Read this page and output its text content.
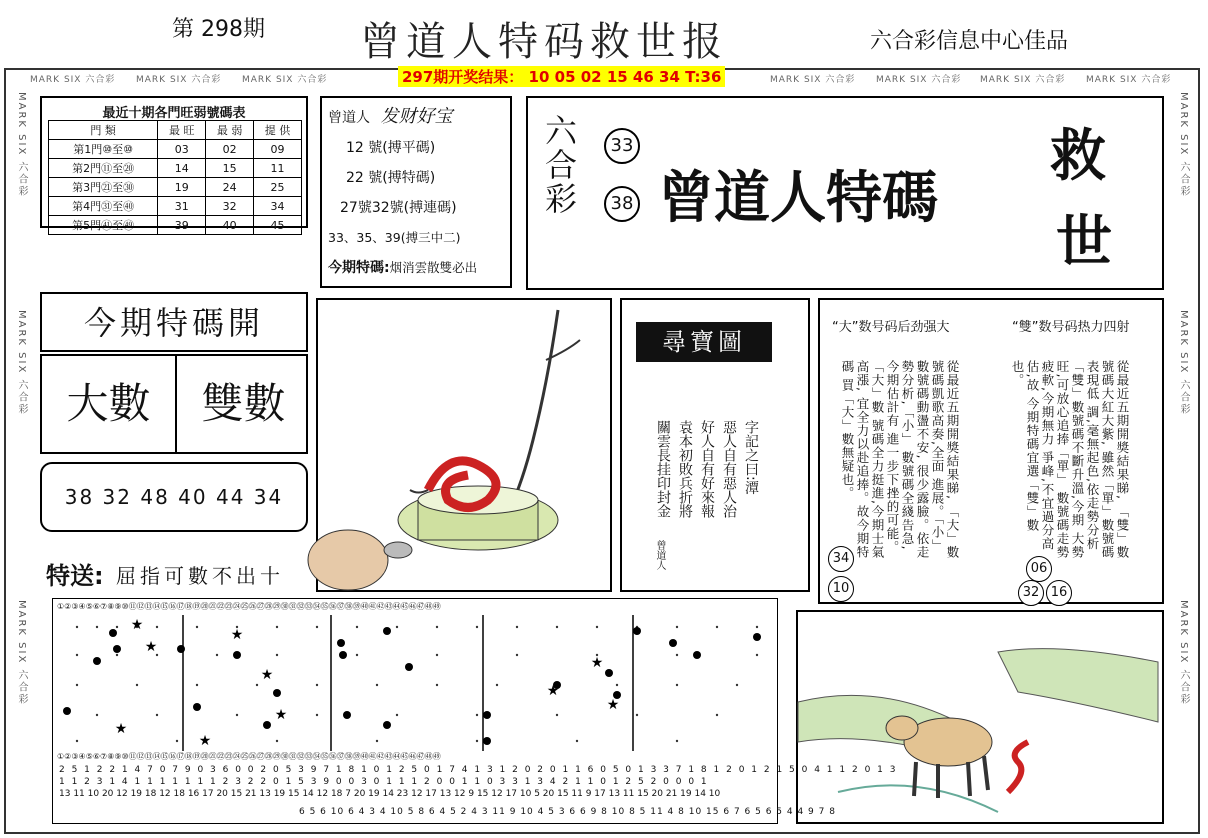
第 298期 曾道人特码救世报	六合彩信息中心佳品
MARK SIX 六合彩 MARK SIX 六合彩 MARK SIX 六合彩	MARK SIX 六合彩 MARK SIX 六合彩 MARK SIX 六合彩 MARK SIX 六合彩
MARK SIX 六合彩
MARK SIX 六合彩
MARK SIX 六合彩
MARK SIX 六合彩
MARK SIX 六合彩
MARK SIX 六合彩
297期开奖结果： 10 05 02 15 46 34 T:36
最近十期各門旺弱號碼表
門 類	最 旺	最 弱	提 供
第1門⑩至⑩	03	02	09
第2門⑪至⑳	14	15	11
第3門㉑至㉚	19	24	25
第4門㉛至㊵	31	32	34
第5門㊶至㊾	39	40	45
曾道人 发财好宝
12 號(搏平碼)
22 號(搏特碼)
27號32號(搏連碼)
33、35、39(搏三中二)
今期特碼:烟消雲散雙必出
六合彩	33
38 曾道人特碼
救
世
今期特碼開
大數	雙數
38 32 48 40 44 34
特送: 屈指可數不出十
尋寶圖
字記之曰:潭
惡人自有惡人治
好人自有好來報
袁本初敗兵折將
關雲長挂印封金
曾道人
“大”数号码后劲强大	“雙”数号码热力四射
從最近五期開獎結果睇, 「雙」數號碼大紅大紫, 雖然「單」數號碼表現低 調,毫無起色,依走勢分析 「雙」數號碼不斷升溫,今期 大勢旺,可放心追捧「單」 數號碼走勢疲軟,今期無力 爭峰,不宜過分高估,故 今期特碼宜選「雙」數 也。
從最近五期開獎結果睇, 「大」數號碼凱歌高奏,全面 進展。「小」數號碼動盪不安, 很少露臉。依走勢分析,「小」 數號碼全綫告急,今期估計有 進一步下挫的可能。「大」數 號碼全力挺進,今期士氣高漲, 宜全力以赴追捧。故今期特碼 買「大」數無疑也。
34
10
06
32 16
①②③④⑤⑥⑦⑧⑨⑩⑪⑫⑬⑭⑮⑯⑰⑱⑲⑳㉑㉒㉓㉔㉕㉖㉗㉘㉙㉚㉛㉜㉝㉞㉟㊱㊲㊳㊴㊵㊶㊷㊸㊹㊺㊻㊼㊽㊾
★
★
★
★
★
★
★
★
★
★
①②③④⑤⑥⑦⑧⑨⑩⑪⑫⑬⑭⑮⑯⑰⑱⑲⑳㉑㉒㉓㉔㉕㉖㉗㉘㉙㉚㉛㉜㉝㉞㉟㊱㊲㊳㊴㊵㊶㊷㊸㊹㊺㊻㊼㊽㊾
2 5 1 2 2 1 4 7 0 7 9 0 3 6 0 0 2 0 5 3 9 7 1 8 1 0 1 2 5 0 1 7 4 1 3 1 2 0 2 0 1 1 6 0 5 0 1 3 3 7 1 8 1 2 0 1 2 1 5 0 4 1 1 2 0 1 3
1 1 2 3 1 4 1 1 1 1 1 1 1 2 3 2 2 0 1 5 3 9 0 0 3 0 1 1 1 2 0 0 1 1 0 3 3 1 3 4 2 1 1 0 1 2 5 2 0 0 0 1
13 11 10 20 12 19 18 12 18 16 17 20 15 21 13 19 15 14 12 18 7 20 19 14 23 12 17 13 12 9 15 12 17 10 5 20 15 11 9 17 13 11 15 20 21 19 14 10
6 5 6 10 6 4 3 4 10 5 8 6 4 5 2 4 3 11 9 10 4 5 3 6 6 9 8 10 8 5 11 4 8 10 15 6 7 6 5 6 5 4 4 9 7 8
